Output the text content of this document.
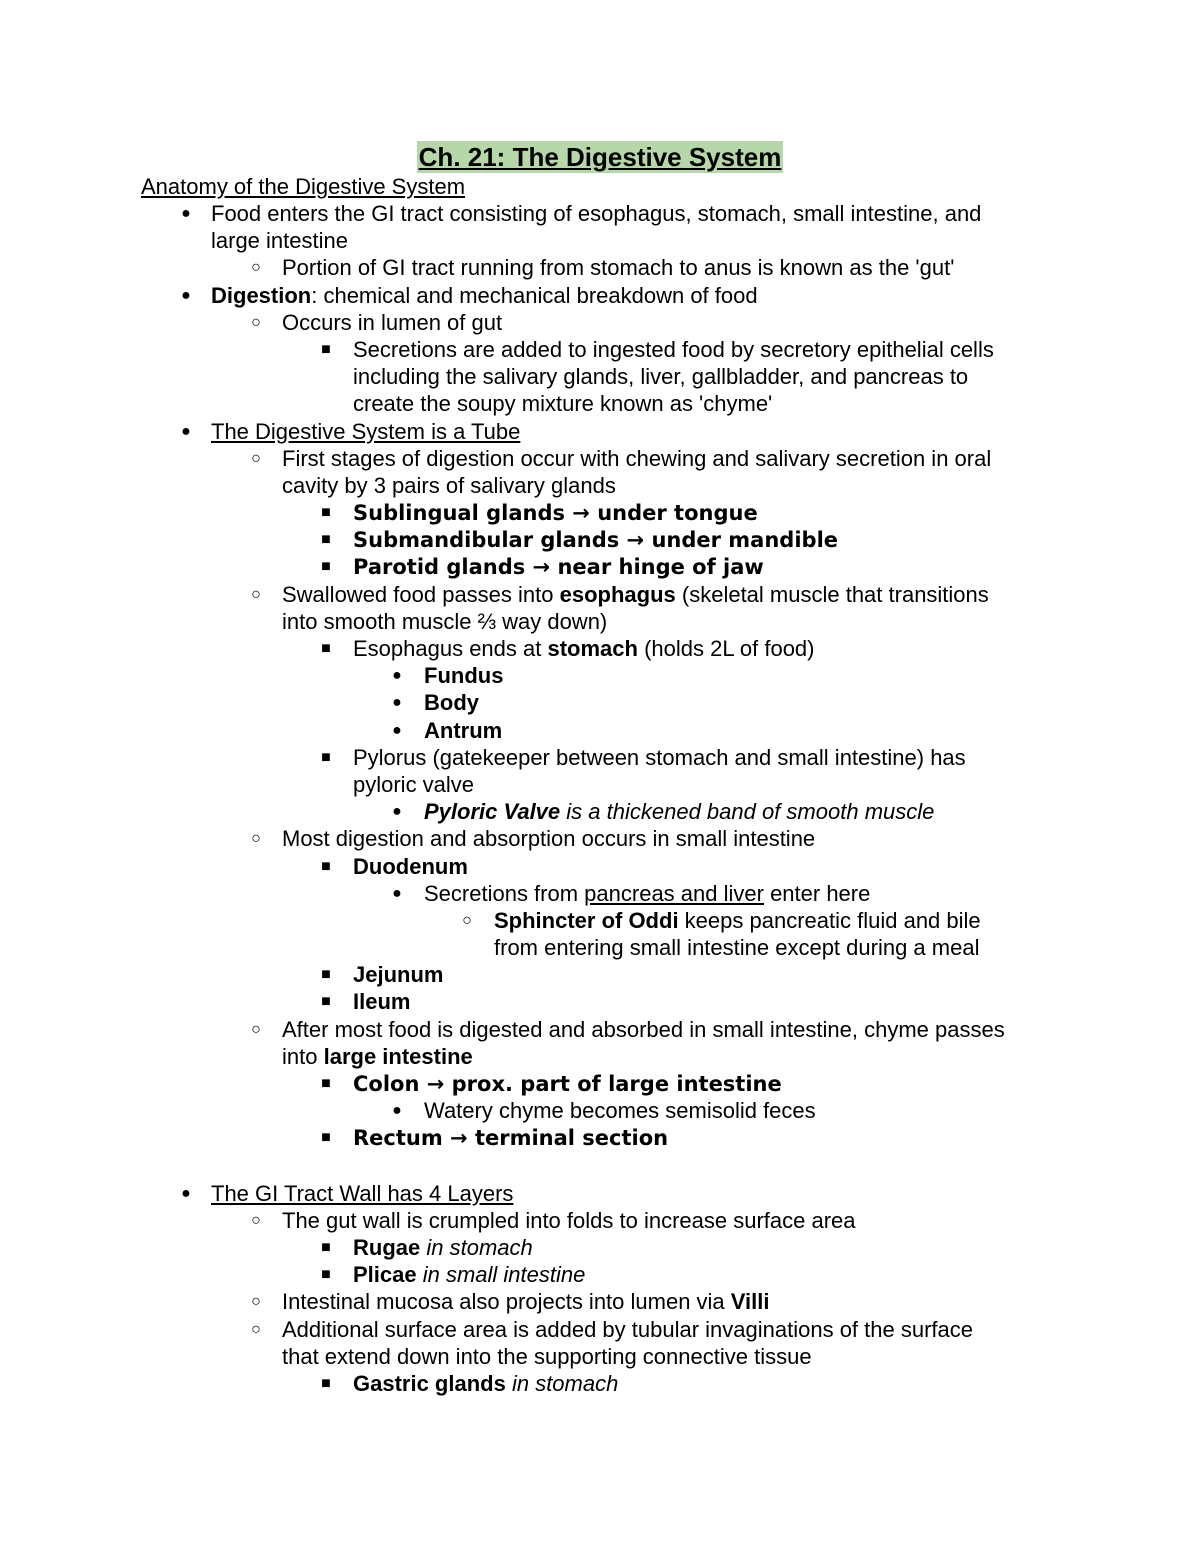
Ch. 21: The Digestive System
Anatomy of the Digestive System
● Food enters the GI tract consisting of esophagus, stomach, small intestine, and
large intestine
○ Portion of GI tract running from stomach to anus is known as the 'gut'
● Digestion: chemical and mechanical breakdown of food
○ Occurs in lumen of gut
■	Secretions are added to ingested food by secretory epithelial cells
including the salivary glands, liver, gallbladder, and pancreas to
create the soupy mixture known as 'chyme'
● The Digestive System is a Tube
○ First stages of digestion occur with chewing and salivary secretion in oral
cavity by 3 pairs of salivary glands
■	Sublingual glands → under tongue
■	Submandibular glands → under mandible
■	Parotid glands → near hinge of jaw
○ Swallowed food passes into esophagus (skeletal muscle that transitions
into smooth muscle ⅔ way down)
■	Esophagus ends at stomach (holds 2L of food)
●	Fundus
●	Body
●	Antrum
■	Pylorus (gatekeeper between stomach and small intestine) has
pyloric valve
●	Pyloric Valve is a thickened band of smooth muscle
○ Most digestion and absorption occurs in small intestine
■	Duodenum
●	Secretions from pancreas and liver enter here
○	Sphincter of Oddi keeps pancreatic fluid and bile
from entering small intestine except during a meal
■	Jejunum
■	Ileum
○ After most food is digested and absorbed in small intestine, chyme passes
into large intestine
■	Colon → prox. part of large intestine
●	Watery chyme becomes semisolid feces
■	Rectum → terminal section
● The GI Tract Wall has 4 Layers
○ The gut wall is crumpled into folds to increase surface area
■	Rugae in stomach
■	Plicae in small intestine
○ Intestinal mucosa also projects into lumen via Villi
○ Additional surface area is added by tubular invaginations of the surface
that extend down into the supporting connective tissue
■	Gastric glands in stomach
